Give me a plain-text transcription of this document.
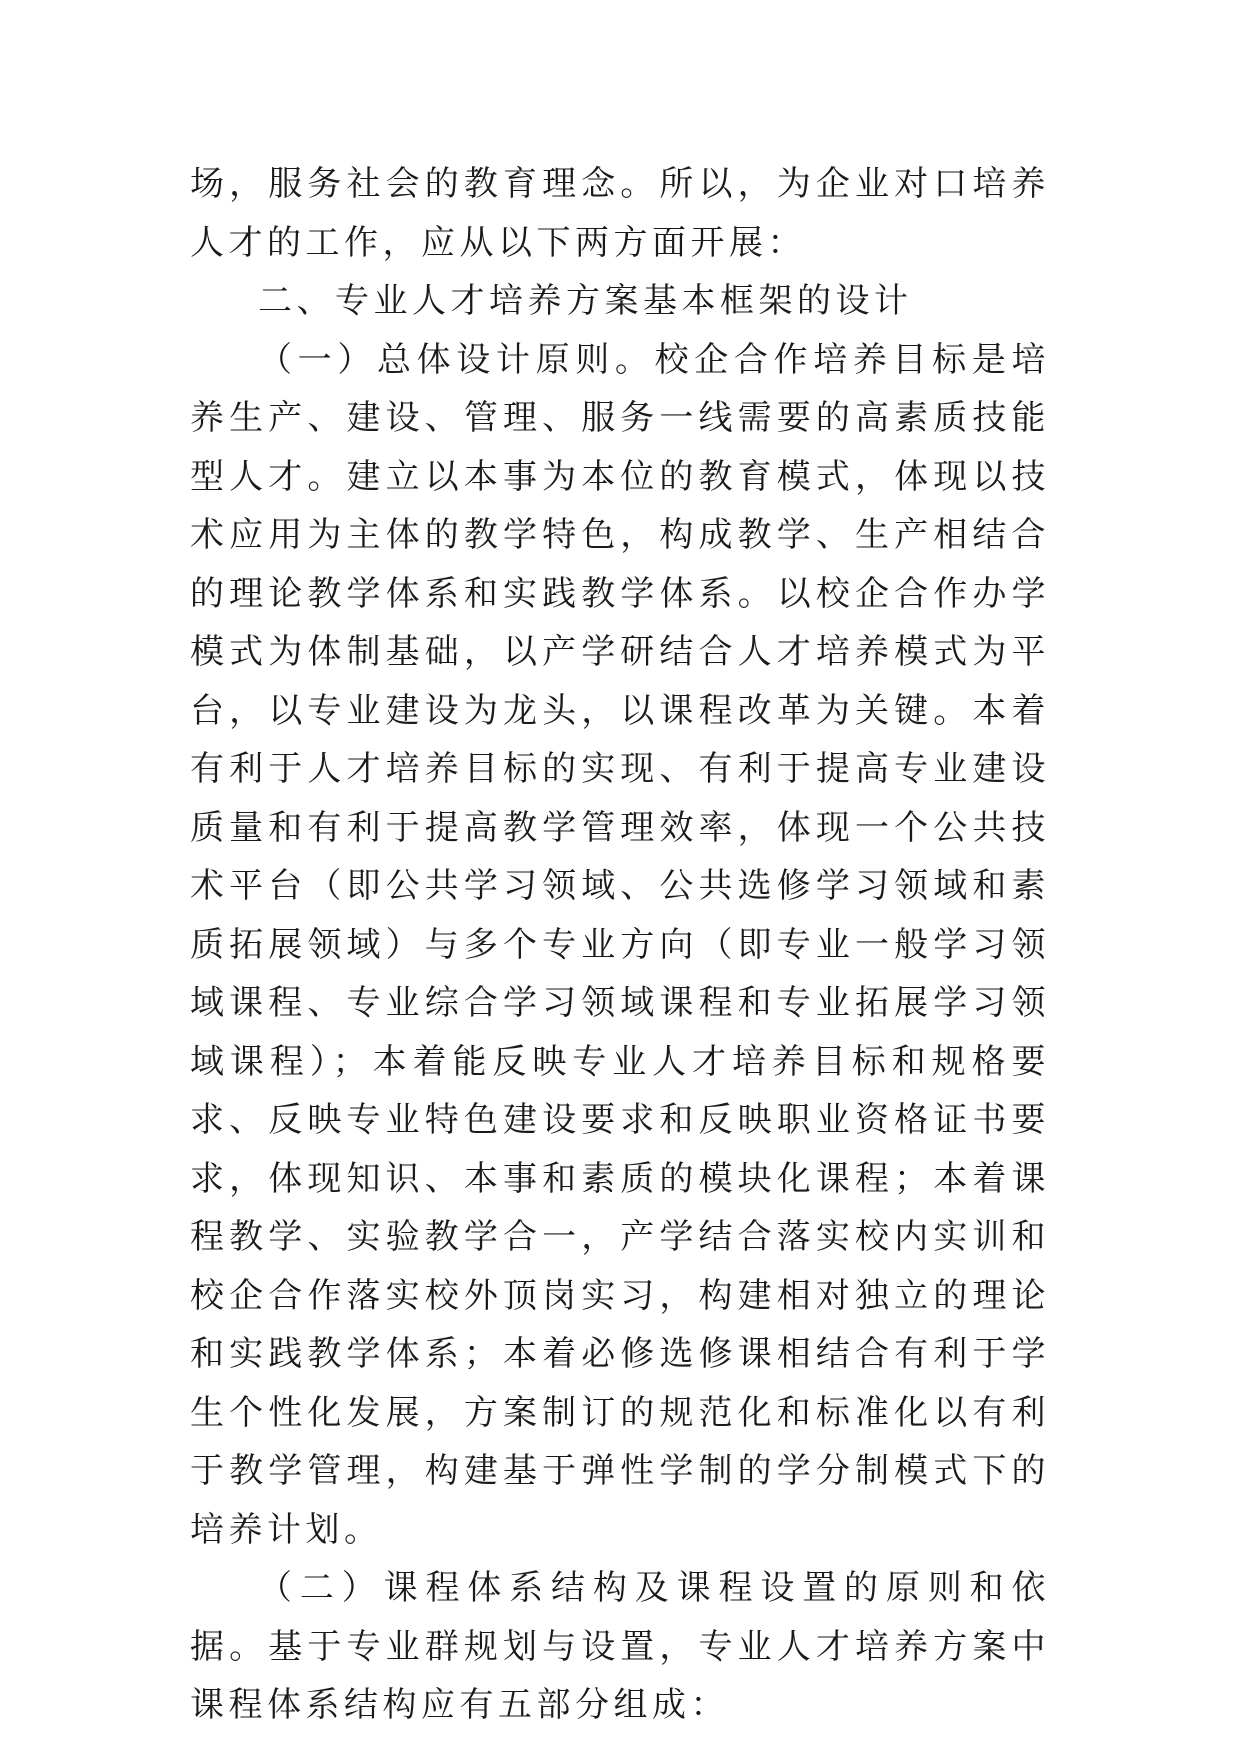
场，服务社会的教育理念。所以，为企业对口培养人才的工作，应从以下两方面开展：

二、专业人才培养方案基本框架的设计

（一）总体设计原则。校企合作培养目标是培养生产、建设、管理、服务一线需要的高素质技能型人才。建立以本事为本位的教育模式，体现以技术应用为主体的教学特色，构成教学、生产相结合的理论教学体系和实践教学体系。以校企合作办学模式为体制基础，以产学研结合人才培养模式为平台，以专业建设为龙头，以课程改革为关键。本着有利于人才培养目标的实现、有利于提高专业建设质量和有利于提高教学管理效率，体现一个公共技术平台（即公共学习领域、公共选修学习领域和素质拓展领域）与多个专业方向（即专业一般学习领域课程、专业综合学习领域课程和专业拓展学习领域课程）；本着能反映专业人才培养目标和规格要求、反映专业特色建设要求和反映职业资格证书要求，体现知识、本事和素质的模块化课程；本着课程教学、实验教学合一，产学结合落实校内实训和校企合作落实校外顶岗实习，构建相对独立的理论和实践教学体系；本着必修选修课相结合有利于学生个性化发展，方案制订的规范化和标准化以有利于教学管理，构建基于弹性学制的学分制模式下的培养计划。

（二）课程体系结构及课程设置的原则和依据。基于专业群规划与设置，专业人才培养方案中课程体系结构应有五部分组成：
